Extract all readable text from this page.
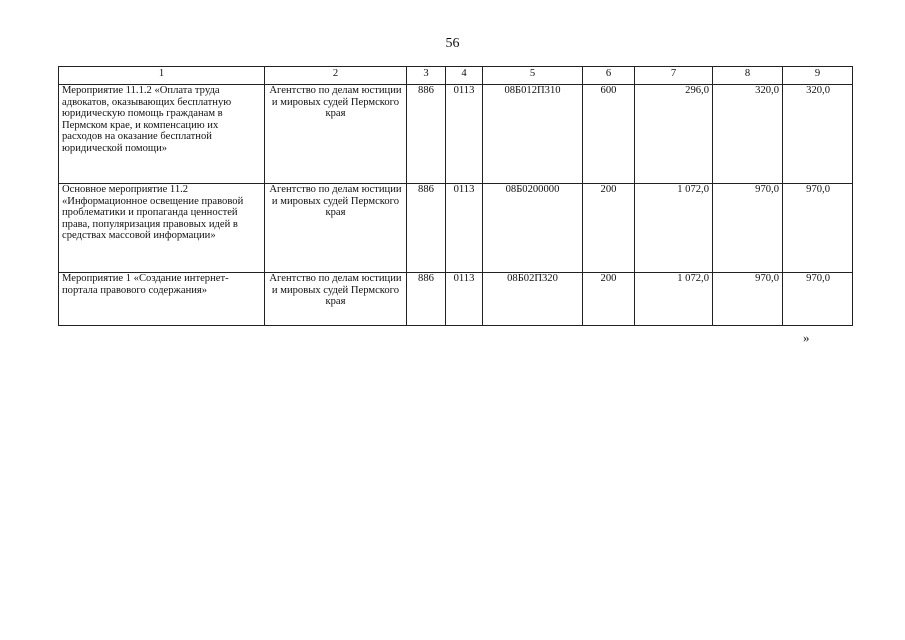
56
1	2	3	4	5	6	7	8	9
Мероприятие 11.1.2 «Оплата труда адвокатов, оказывающих бесплатную юридическую помощь гражданам в Пермском крае, и компенсацию их расходов на оказание бесплатной юридической помощи»	Агентство по делам юстиции и мировых судей Пермского края	886	0113	08Б012П310	600	296,0	320,0	320,0
Основное мероприятие 11.2 «Информационное освещение правовой проблематики и пропаганда ценностей права, популяризация правовых идей в средствах массовой информации»	Агентство по делам юстиции и мировых судей Пермского края	886	0113	08Б0200000	200	1 072,0	970,0	970,0
Мероприятие 1 «Создание интернет-портала правового содержания»	Агентство по делам юстиции и мировых судей Пермского края	886	0113	08Б02П320	200	1 072,0	970,0	970,0
»
